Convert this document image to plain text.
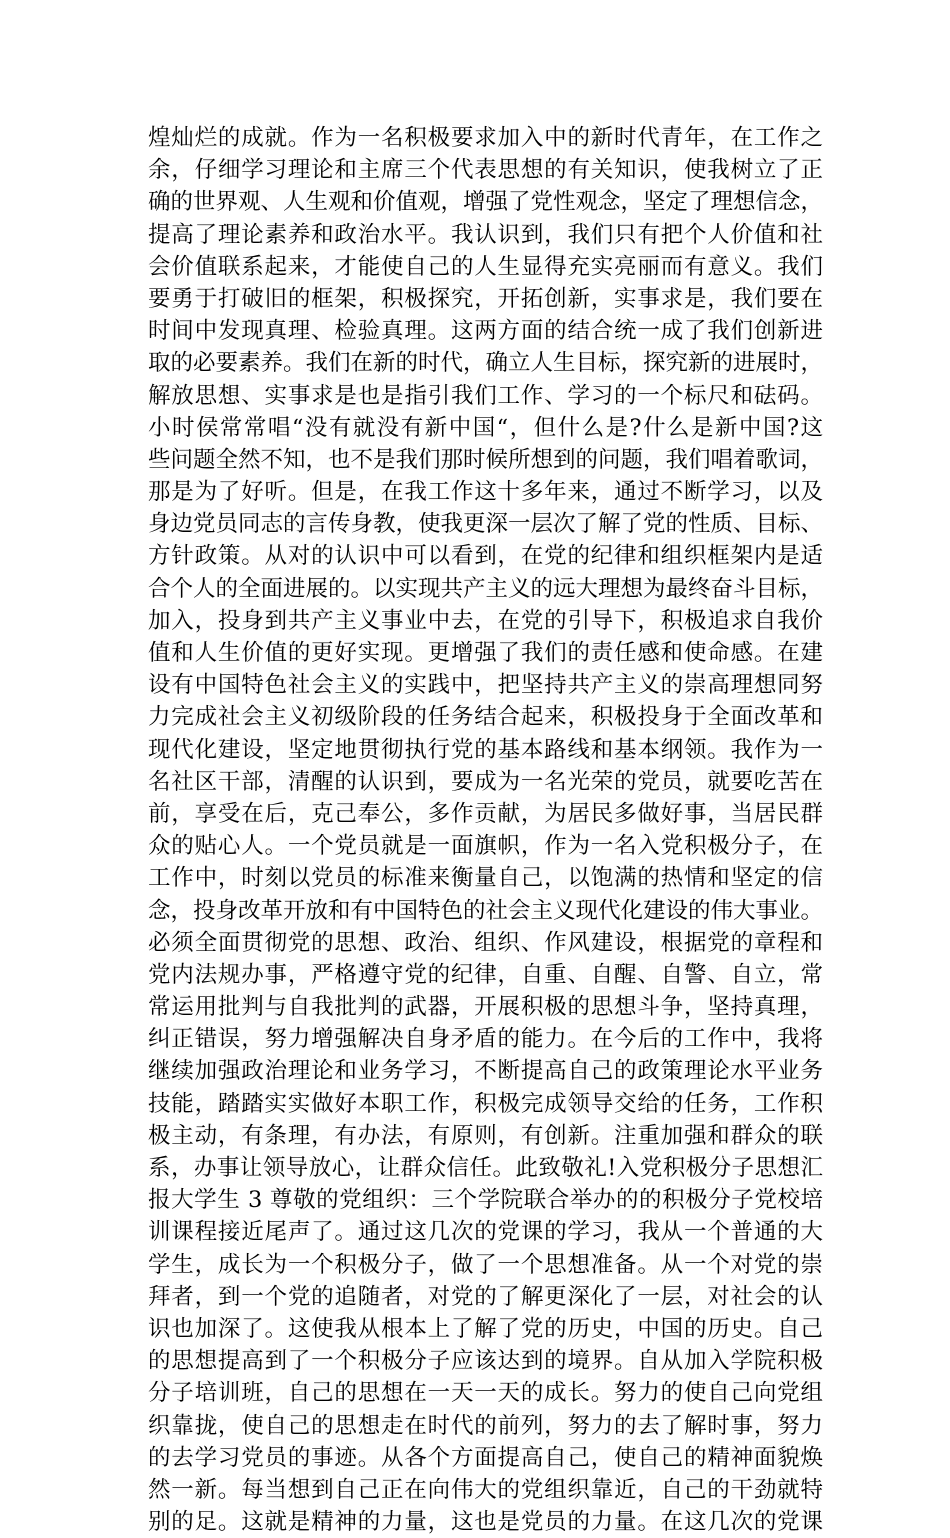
煌灿烂的成就。作为一名积极要求加入中的新时代青年，在工作之
余，仔细学习理论和主席三个代表思想的有关知识，使我树立了正
确的世界观、人生观和价值观，增强了党性观念，坚定了理想信念，
提高了理论素养和政治水平。我认识到，我们只有把个人价值和社
会价值联系起来，才能使自己的人生显得充实亮丽而有意义。我们
要勇于打破旧的框架，积极探究，开拓创新，实事求是，我们要在
时间中发现真理、检验真理。这两方面的结合统一成了我们创新进
取的必要素养。我们在新的时代，确立人生目标，探究新的进展时，
解放思想、实事求是也是指引我们工作、学习的一个标尺和砝码。
小时侯常常唱“没有就没有新中国“，但什么是?什么是新中国?这
些问题全然不知，也不是我们那时候所想到的问题，我们唱着歌词，
那是为了好听。但是，在我工作这十多年来，通过不断学习，以及
身边党员同志的言传身教，使我更深一层次了解了党的性质、目标、
方针政策。从对的认识中可以看到，在党的纪律和组织框架内是适
合个人的全面进展的。以实现共产主义的远大理想为最终奋斗目标，
加入，投身到共产主义事业中去，在党的引导下，积极追求自我价
值和人生价值的更好实现。更增强了我们的责任感和使命感。在建
设有中国特色社会主义的实践中，把坚持共产主义的崇高理想同努
力完成社会主义初级阶段的任务结合起来，积极投身于全面改革和
现代化建设，坚定地贯彻执行党的基本路线和基本纲领。我作为一
名社区干部，清醒的认识到，要成为一名光荣的党员，就要吃苦在
前，享受在后，克己奉公，多作贡献，为居民多做好事，当居民群
众的贴心人。一个党员就是一面旗帜，作为一名入党积极分子，在
工作中，时刻以党员的标准来衡量自己，以饱满的热情和坚定的信
念，投身改革开放和有中国特色的社会主义现代化建设的伟大事业。
必须全面贯彻党的思想、政治、组织、作风建设，根据党的章程和
党内法规办事，严格遵守党的纪律，自重、自醒、自警、自立，常
常运用批判与自我批判的武器，开展积极的思想斗争，坚持真理，
纠正错误，努力增强解决自身矛盾的能力。在今后的工作中，我将
继续加强政治理论和业务学习，不断提高自己的政策理论水平业务
技能，踏踏实实做好本职工作，积极完成领导交给的任务，工作积
极主动，有条理，有办法，有原则，有创新。注重加强和群众的联
系，办事让领导放心，让群众信任。此致敬礼!入党积极分子思想汇
报大学生 3 尊敬的党组织：三个学院联合举办的的积极分子党校培
训课程接近尾声了。通过这几次的党课的学习，我从一个普通的大
学生，成长为一个积极分子，做了一个思想准备。从一个对党的崇
拜者，到一个党的追随者，对党的了解更深化了一层，对社会的认
识也加深了。这使我从根本上了解了党的历史，中国的历史。自己
的思想提高到了一个积极分子应该达到的境界。自从加入学院积极
分子培训班，自己的思想在一天一天的成长。努力的使自己向党组
织靠拢，使自己的思想走在时代的前列，努力的去了解时事，努力
的去学习党员的事迹。从各个方面提高自己，使自己的精神面貌焕
然一新。每当想到自己正在向伟大的党组织靠近，自己的干劲就特
别的足。这就是精神的力量，这也是党员的力量。在这几次的党课
